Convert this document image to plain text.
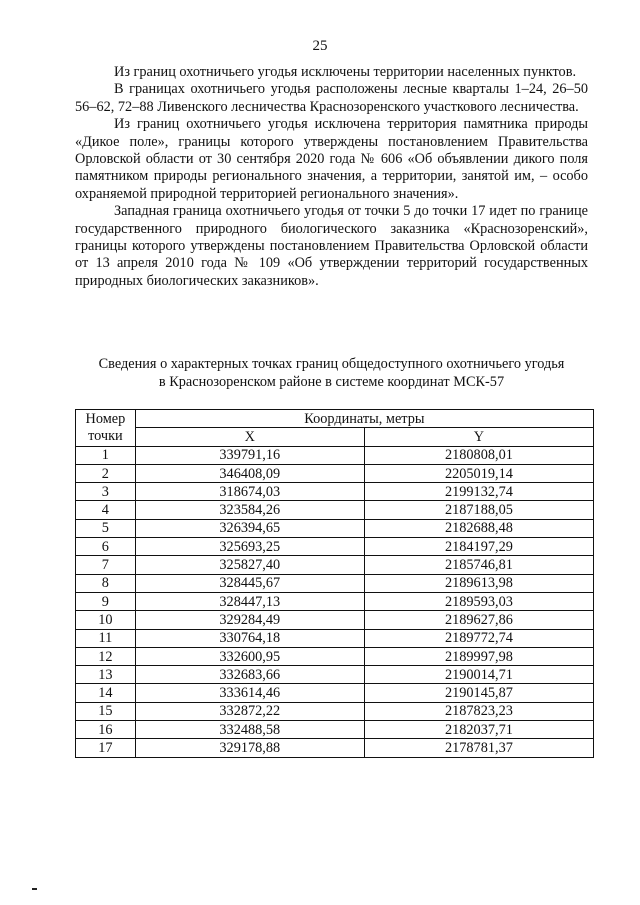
25

Из границ охотничьего угодья исключены территории населенных пунктов.

В границах охотничьего угодья расположены лесные кварталы 1–24, 26–50 56–62, 72–88 Ливенского лесничества Краснозоренского участкового лесничества.

Из границ охотничьего угодья исключена территория памятника природы «Дикое поле», границы которого утверждены постановлением Правительства Орловской области от 30 сентября 2020 года № 606 «Об объявлении дикого поля памятником природы регионального значения, а территории, занятой им, – особо охраняемой природной территорией регионального значения».

Западная граница охотничьего угодья от точки 5 до точки 17 идет по границе государственного природного биологического заказника «Краснозоренский», границы которого утверждены постановлением Правительства Орловской области от 13 апреля 2010 года № 109 «Об утверждении территорий государственных природных биологических заказников».

Сведения о характерных точках границ общедоступного охотничьего угодья
в Краснозоренском районе в системе координат МСК-57
Номер точки	Координаты, метры	
	X	Y
1	339791,16	2180808,01
2	346408,09	2205019,14
3	318674,03	2199132,74
4	323584,26	2187188,05
5	326394,65	2182688,48
6	325693,25	2184197,29
7	325827,40	2185746,81
8	328445,67	2189613,98
9	328447,13	2189593,03
10	329284,49	2189627,86
11	330764,18	2189772,74
12	332600,95	2189997,98
13	332683,66	2190014,71
14	333614,46	2190145,87
15	332872,22	2187823,23
16	332488,58	2182037,71
17	329178,88	2178781,37
